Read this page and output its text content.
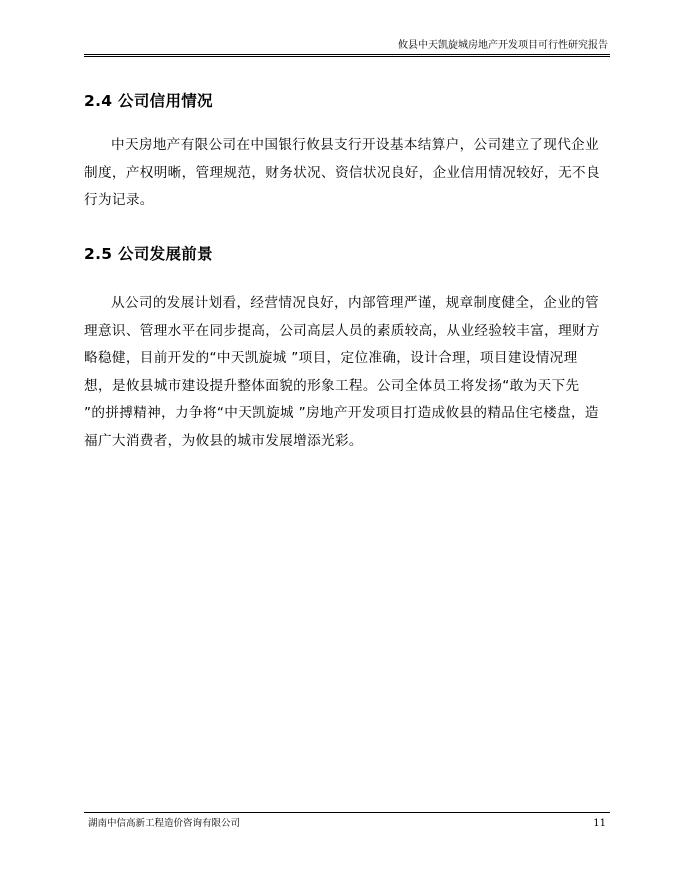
攸县中天凯旋城房地产开发项目可行性研究报告
2.4 公司信用情况

中天房地产有限公司在中国银行攸县支行开设基本结算户，公司建立了现代企业制度，产权明晰，管理规范，财务状况、资信状况良好，企业信用情况较好，无不良行为记录。

2.5 公司发展前景

从公司的发展计划看，经营情况良好，内部管理严谨，规章制度健全，企业的管理意识、管理水平在同步提高，公司高层人员的素质较高，从业经验较丰富，理财方略稳健，目前开发的“中天凯旋城 ”项目，定位准确，设计合理，项目建设情况理想，是攸县城市建设提升整体面貌的形象工程。公司全体员工将发扬“敢为天下先 ”的拼搏精神，力争将“中天凯旋城 ”房地产开发项目打造成攸县的精品住宅楼盘，造福广大消费者，为攸县的城市发展增添光彩。

湖南中信高新工程造价咨询有限公司	11
